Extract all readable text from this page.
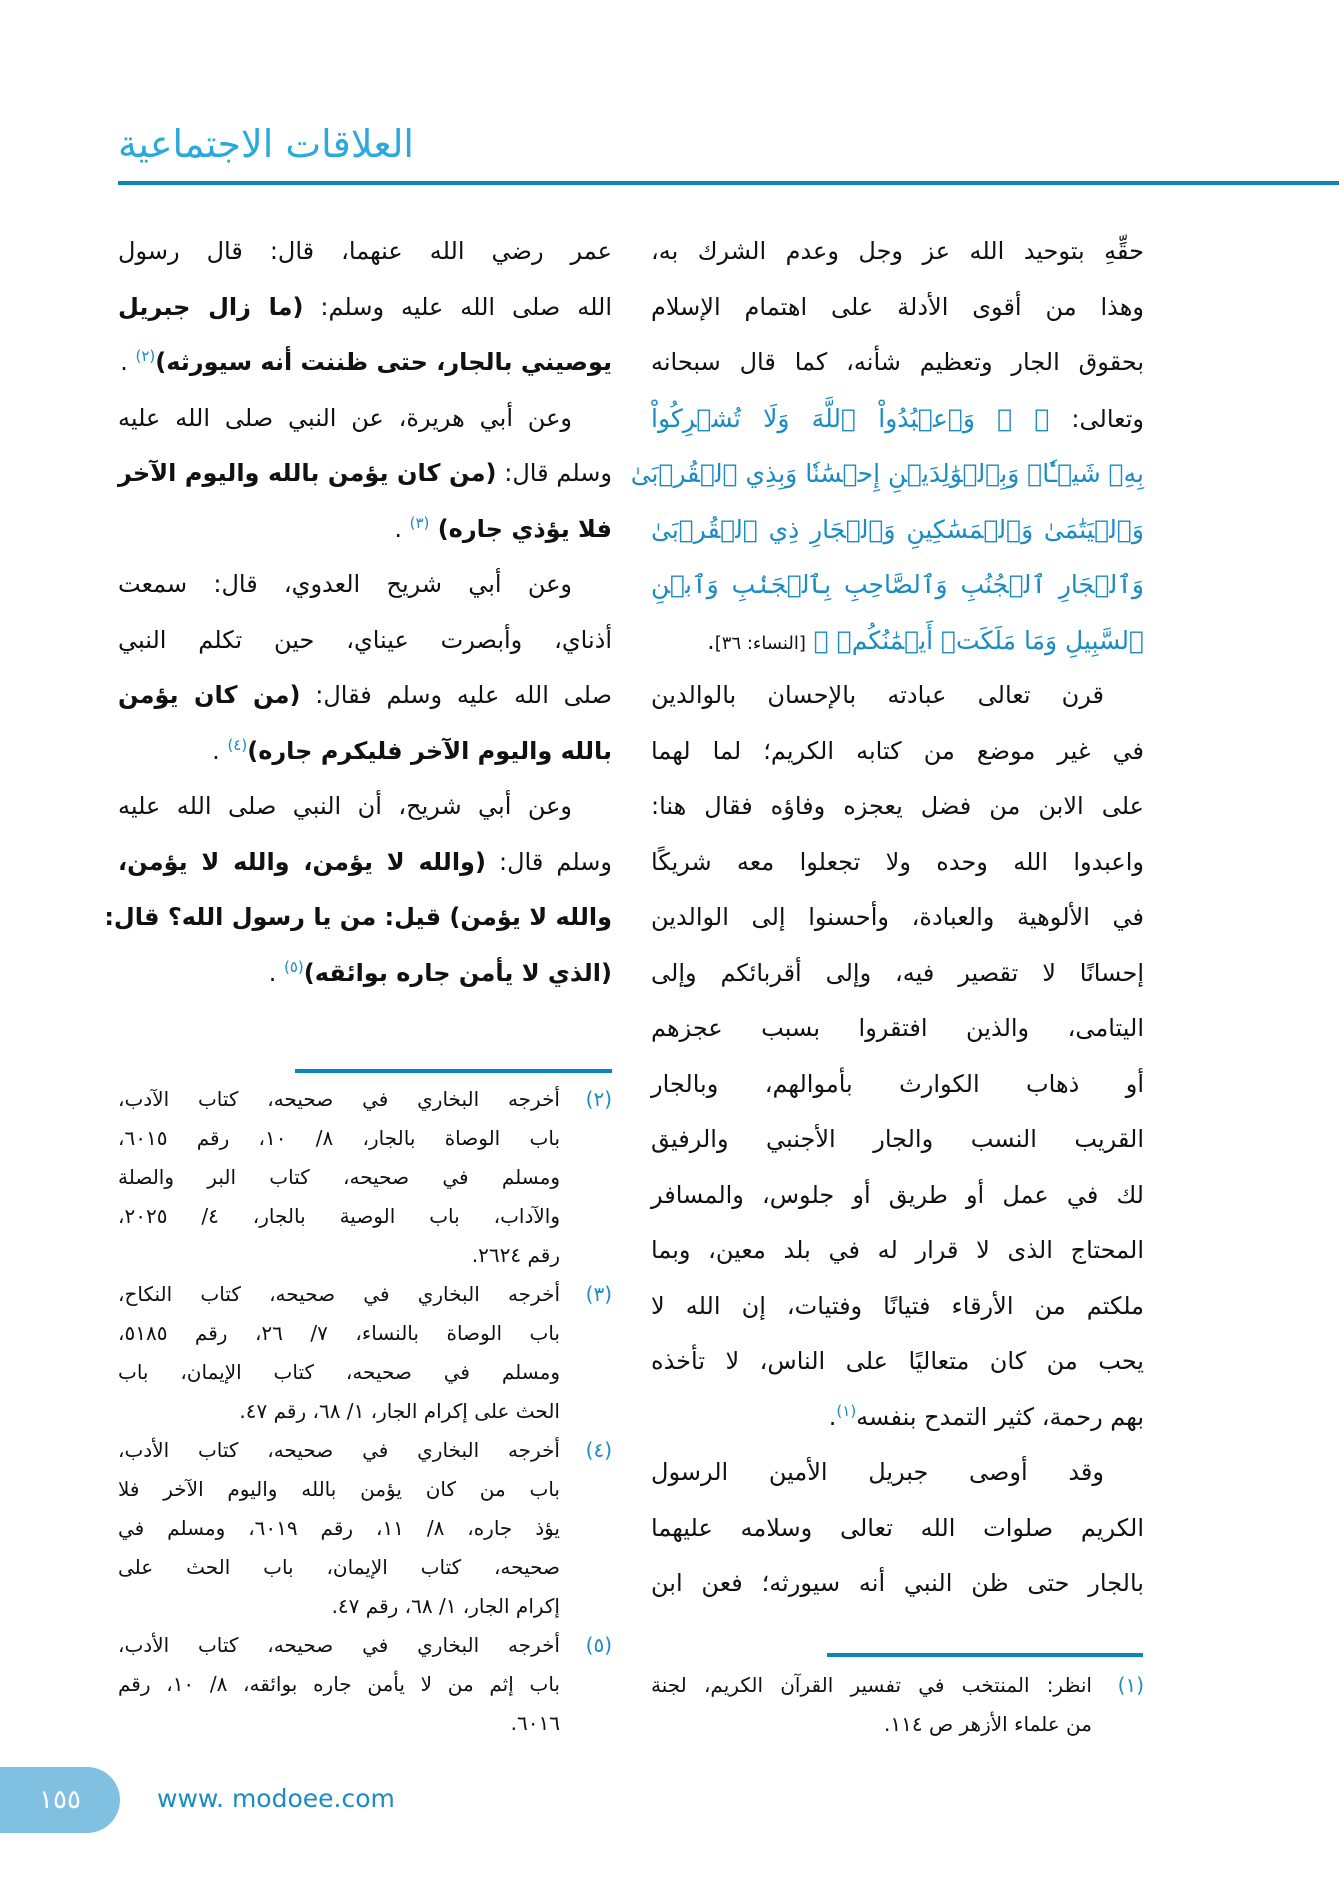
العلاقات الاجتماعية
حقِّهِ بتوحيد الله عز وجل وعدم الشرك به،
وهذا من أقوى الأدلة على اهتمام الإسلام
بحقوق الجار وتعظيم شأنه، كما قال سبحانه
وتعالى: ﴿ ۞ وَٱعۡبُدُواْ ٱللَّهَ وَلَا تُشۡرِكُواْ
بِهِۦ شَيۡـٔٗاۖ وَبِٱلۡوَٰلِدَيۡنِ إِحۡسَٰنٗا وَبِذِي ٱلۡقُرۡبَىٰ
وَٱلۡيَتَٰمَىٰ وَٱلۡمَسَٰكِينِ وَٱلۡجَارِ ذِي ٱلۡقُرۡبَىٰ
وَٱلۡجَارِ ٱلۡجُنُبِ وَٱلصَّاحِبِ بِٱلۡجَنۢبِ وَٱبۡنِ
ٱلسَّبِيلِ وَمَا مَلَكَتۡ أَيۡمَٰنُكُمۡ ﴾ [النساء: ٣٦].
قرن تعالى عبادته بالإحسان بالوالدين
في غير موضع من كتابه الكريم؛ لما لهما
على الابن من فضل يعجزه وفاؤه فقال هنا:
واعبدوا الله وحده ولا تجعلوا معه شريكًا
في الألوهية والعبادة، وأحسنوا إلى الوالدين
إحسانًا لا تقصير فيه، وإلى أقربائكم وإلى
اليتامى، والذين افتقروا بسبب عجزهم
أو ذهاب الكوارث بأموالهم، وبالجار
القريب النسب والجار الأجنبي والرفيق
لك في عمل أو طريق أو جلوس، والمسافر
المحتاج الذى لا قرار له في بلد معين، وبما
ملكتم من الأرقاء فتيانًا وفتيات، إن الله لا
يحب من كان متعاليًا على الناس، لا تأخذه
بهم رحمة، كثير التمدح بنفسه$^{(١)}$.
وقد أوصى جبريل الأمين الرسول
الكريم صلوات الله تعالى وسلامه عليهما
بالجار حتى ظن النبي أنه سيورثه؛ فعن ابن
عمر رضي الله عنهما، قال: قال رسول
الله صلى الله عليه وسلم: (ما زال جبريل
يوصيني بالجار، حتى ظننت أنه سيورثه)$^{(٢)}$ .
وعن أبي هريرة، عن النبي صلى الله عليه
وسلم قال: (من كان يؤمن بالله واليوم الآخر
فلا يؤذي جاره) $^{(٣)}$ .
وعن أبي شريح العدوي، قال: سمعت
أذناي، وأبصرت عيناي، حين تكلم النبي
صلى الله عليه وسلم فقال: (من كان يؤمن
بالله واليوم الآخر فليكرم جاره)$^{(٤)}$ .
وعن أبي شريح، أن النبي صلى الله عليه
وسلم قال: (والله لا يؤمن، والله لا يؤمن،
والله لا يؤمن) قيل: من يا رسول الله؟ قال:
(الذي لا يأمن جاره بوائقه)$^{(٥)}$ .
(٢)
أخرجه البخاري في صحيحه، كتاب الآدب،
باب الوصاة بالجار، ٨/ ١٠، رقم ٦٠١٥،
ومسلم في صحيحه، كتاب البر والصلة
والآداب، باب الوصية بالجار، ٤/ ٢٠٢٥،
رقم ٢٦٢٤.
(٣)
أخرجه البخاري في صحيحه، كتاب النكاح،
باب الوصاة بالنساء، ٧/ ٢٦، رقم ٥١٨٥،
ومسلم في صحيحه، كتاب الإيمان، باب
الحث على إكرام الجار، ١/ ٦٨، رقم ٤٧.
(٤)
أخرجه البخاري في صحيحه، كتاب الأدب،
باب من كان يؤمن بالله واليوم الآخر فلا
يؤذ جاره، ٨/ ١١، رقم ٦٠١٩، ومسلم في
صحيحه، كتاب الإيمان، باب الحث على
إكرام الجار، ١/ ٦٨، رقم ٤٧.
(٥)
أخرجه البخاري في صحيحه، كتاب الأدب،
باب إثم من لا يأمن جاره بوائقه، ٨/ ١٠، رقم
٦٠١٦.
(١)
انظر: المنتخب في تفسير القرآن الكريم، لجنة
من علماء الأزهر ص ١١٤.
١٥٥	www. modoee.com
